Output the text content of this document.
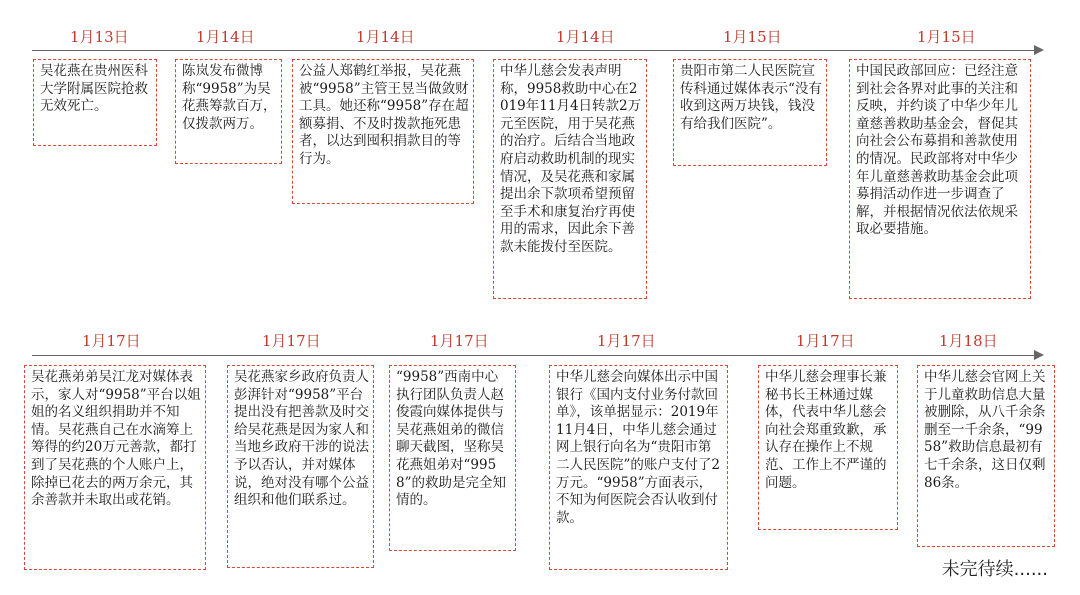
1月13日	1月14日	1月14日	1月14日	1月15日	1月15日
吴花燕在贵州医科大学附属医院抢救无效死亡。
陈岚发布微博称“9958”为吴花燕筹款百万，仅拨款两万。
公益人郑鹤红举报，吴花燕被“9958”主管王昱当做敛财工具。她还称“9958”存在超额募捐、不及时拨款拖死患者，以达到囤积捐款目的等行为。
中华儿慈会发表声明称，9958救助中心在2019年11月4日转款2万元至医院，用于吴花燕的治疗。后结合当地政府启动救助机制的现实情况，及吴花燕和家属提出余下款项希望预留至手术和康复治疗再使用的需求，因此余下善款未能拨付至医院。
贵阳市第二人民医院宣传科通过媒体表示“没有收到这两万块钱，钱没有给我们医院”。
中国民政部回应：已经注意到社会各界对此事的关注和反映，并约谈了中华少年儿童慈善救助基金会，督促其向社会公布募捐和善款使用的情况。民政部将对中华少年儿童慈善救助基金会此项募捐活动作进一步调查了解，并根据情况依法依规采取必要措施。
1月17日	1月17日	1月17日	1月17日	1月17日	1月18日
吴花燕弟弟吴江龙对媒体表示，家人对“9958”平台以姐姐的名义组织捐助并不知情。吴花燕自己在水滴筹上筹得的约20万元善款，都打到了吴花燕的个人账户上，除掉已花去的两万余元，其余善款并未取出或花销。
吴花燕家乡政府负责人彭湃针对“9958”平台提出没有把善款及时交给吴花燕是因为家人和当地乡政府干涉的说法予以否认，并对媒体说，绝对没有哪个公益组织和他们联系过。
“9958”西南中心执行团队负责人赵俊霞向媒体提供与吴花燕姐弟的微信聊天截图，坚称吴花燕姐弟对“9958”的救助是完全知情的。
中华儿慈会向媒体出示中国银行《国内支付业务付款回单》，该单据显示：2019年11月4日，中华儿慈会通过网上银行向名为“贵阳市第二人民医院”的账户支付了2万元。“9958”方面表示，不知为何医院会否认收到付款。
中华儿慈会理事长兼秘书长王林通过媒体，代表中华儿慈会向社会郑重致歉，承认存在操作上不规范、工作上不严谨的问题。
中华儿慈会官网上关于儿童救助信息大量被删除，从八千余条删至一千余条，“9958”救助信息最初有七千余条，这日仅剩86条。
未完待续......
